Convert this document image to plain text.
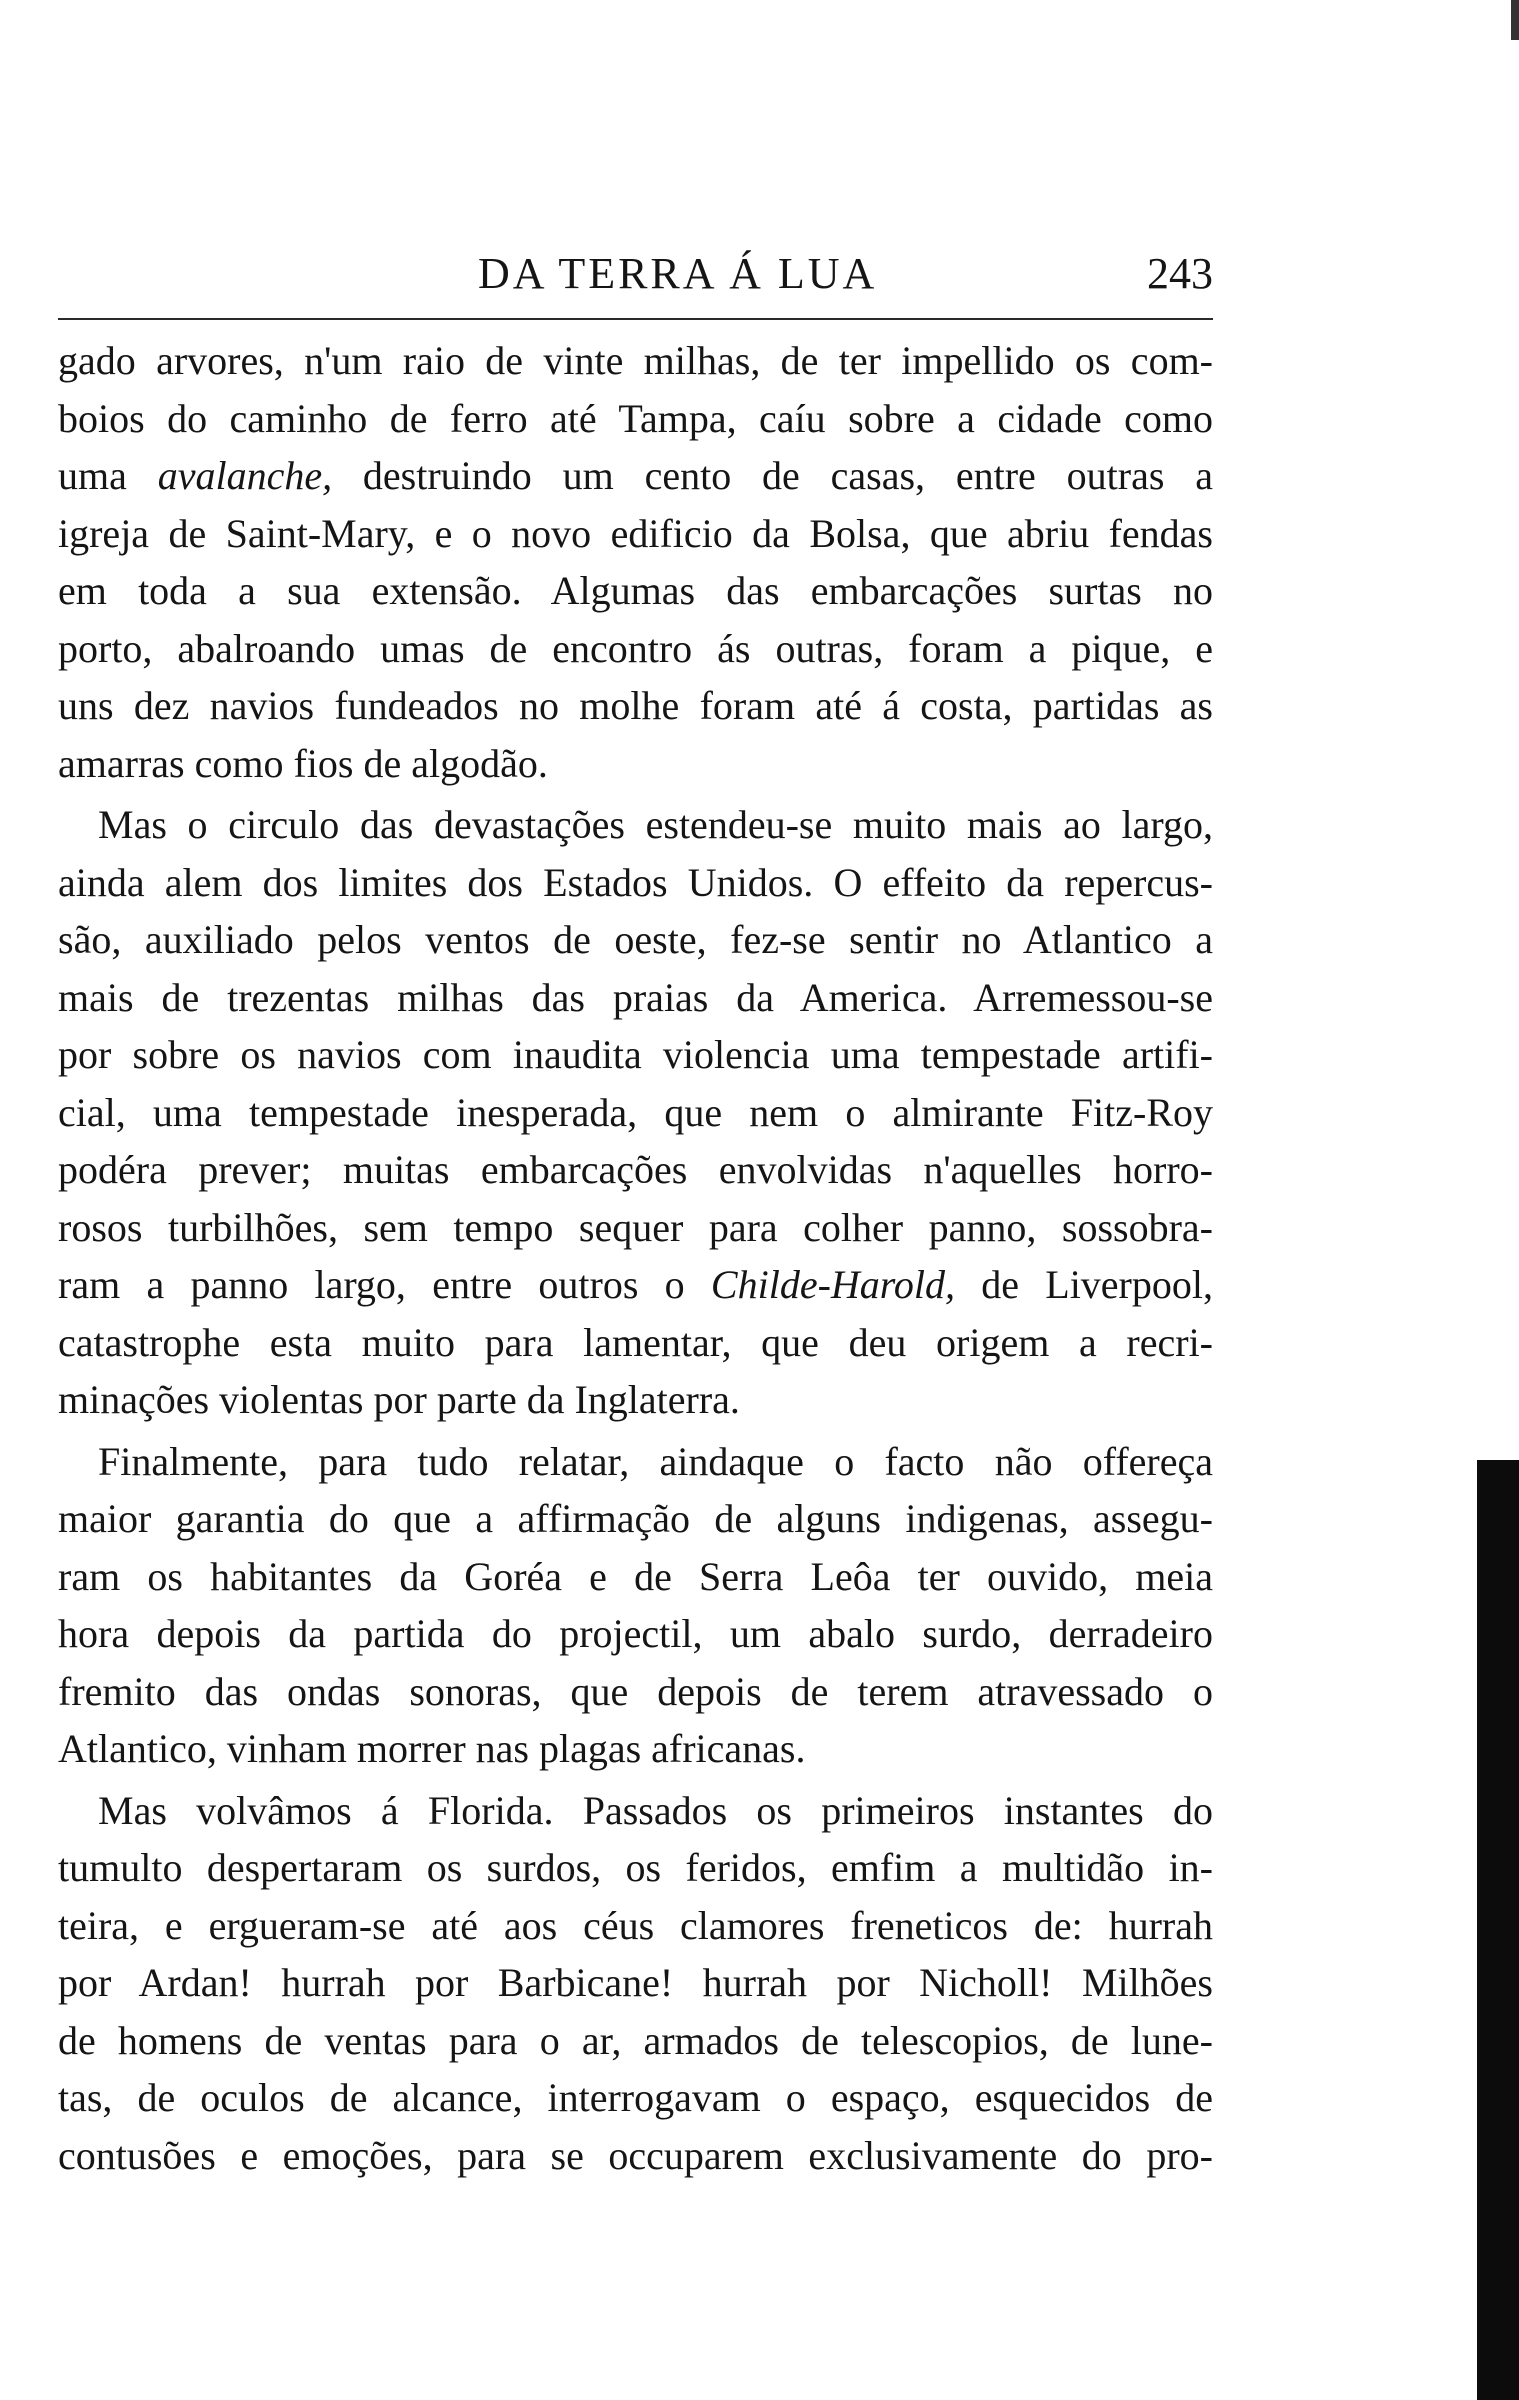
DA TERRA Á LUA	243
gado arvores, n'um raio de vinte milhas, de ter impellido os com-
boios do caminho de ferro até Tampa, caíu sobre a cidade como
uma avalanche, destruindo um cento de casas, entre outras a
igreja de Saint-Mary, e o novo edificio da Bolsa, que abriu fendas
em toda a sua extensão. Algumas das embarcações surtas no
porto, abalroando umas de encontro ás outras, foram a pique, e
uns dez navios fundeados no molhe foram até á costa, partidas as
amarras como fios de algodão.
Mas o circulo das devastações estendeu-se muito mais ao largo,
ainda alem dos limites dos Estados Unidos. O effeito da repercus-
são, auxiliado pelos ventos de oeste, fez-se sentir no Atlantico a
mais de trezentas milhas das praias da America. Arremessou-se
por sobre os navios com inaudita violencia uma tempestade artifi-
cial, uma tempestade inesperada, que nem o almirante Fitz-Roy
podéra prever; muitas embarcações envolvidas n'aquelles horro-
rosos turbilhões, sem tempo sequer para colher panno, sossobra-
ram a panno largo, entre outros o Childe-Harold, de Liverpool,
catastrophe esta muito para lamentar, que deu origem a recri-
minações violentas por parte da Inglaterra.
Finalmente, para tudo relatar, aindaque o facto não offereça
maior garantia do que a affirmação de alguns indigenas, assegu-
ram os habitantes da Goréa e de Serra Leôa ter ouvido, meia
hora depois da partida do projectil, um abalo surdo, derradeiro
fremito das ondas sonoras, que depois de terem atravessado o
Atlantico, vinham morrer nas plagas africanas.
Mas volvâmos á Florida. Passados os primeiros instantes do
tumulto despertaram os surdos, os feridos, emfim a multidão in-
teira, e ergueram-se até aos céus clamores freneticos de: hurrah
por Ardan! hurrah por Barbicane! hurrah por Nicholl! Milhões
de homens de ventas para o ar, armados de telescopios, de lune-
tas, de oculos de alcance, interrogavam o espaço, esquecidos de
contusões e emoções, para se occuparem exclusivamente do pro-
